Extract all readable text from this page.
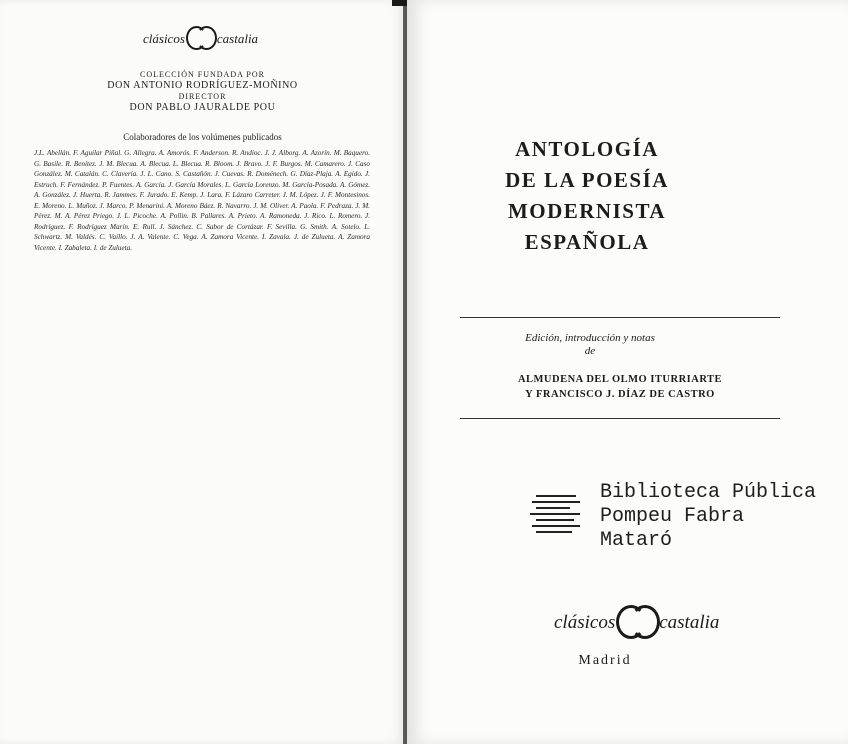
clásicos castalia
COLECCIÓN FUNDADA POR
DON ANTONIO RODRÍGUEZ-MOÑINO
DIRECTOR
DON PABLO JAURALDE POU
Colaboradores de los volúmenes publicados
J.L. Abellán. F. Aguilar Piñal. G. Allegra. A. Amorós. F. Anderson. R. Andioc. J. J. Alborg. A. Azorín. M. Baquero. G. Basile. R. Benítez. J. M. Blecua. A. Blecua. L. Blecua. R. Bloom. J. Bravo. J. F. Burgos. M. Camarero. J. Caso González. M. Catalán. C. Clavería. J. L. Cano. S. Castañón. J. Cuevas. R. Doménech. G. Díaz-Plaja. A. Egido. J. Estruch. F. Fernández. P. Fuentes. A. García. J. García Morales. L. García Lorenzo. M. García-Posada. A. Gómez. A. González. J. Huerta. R. Jammes. F. Jurado. E. Kemp. J. Lara. F. Lázaro Carreter. J. M. López. J. F. Montesinos. E. Moreno. L. Muñoz. J. Marco. P. Menarini. A. Moreno Báez. R. Navarro. J. M. Oliver. A. Paola. F. Pedraza. J. M. Pérez. M. A. Pérez Priego. J. L. Picoche. A. Pollin. B. Pallares. A. Prieto. A. Ramoneda. J. Rico. L. Romero. J. Rodríguez. F. Rodríguez Marín. E. Rull. J. Sánchez. C. Sabor de Cortázar. F. Sevilla. G. Smith. A. Sotelo. L. Schwartz. M. Valdés. C. Vaíllo. J. A. Valente. C. Vega. A. Zamora Vicente. I. Zavala. J. de Zulueta. A. Zamora Vicente. I. Zabaleta. I. de Zulueta.
ANTOLOGÍA
DE LA POESÍA
MODERNISTA
ESPAÑOLA
Edición, introducción y notas
de
ALMUDENA DEL OLMO ITURRIARTE
Y FRANCISCO J. DÍAZ DE CASTRO
Biblioteca Pública
Pompeu Fabra
Mataró
clásicos castalia
Madrid
